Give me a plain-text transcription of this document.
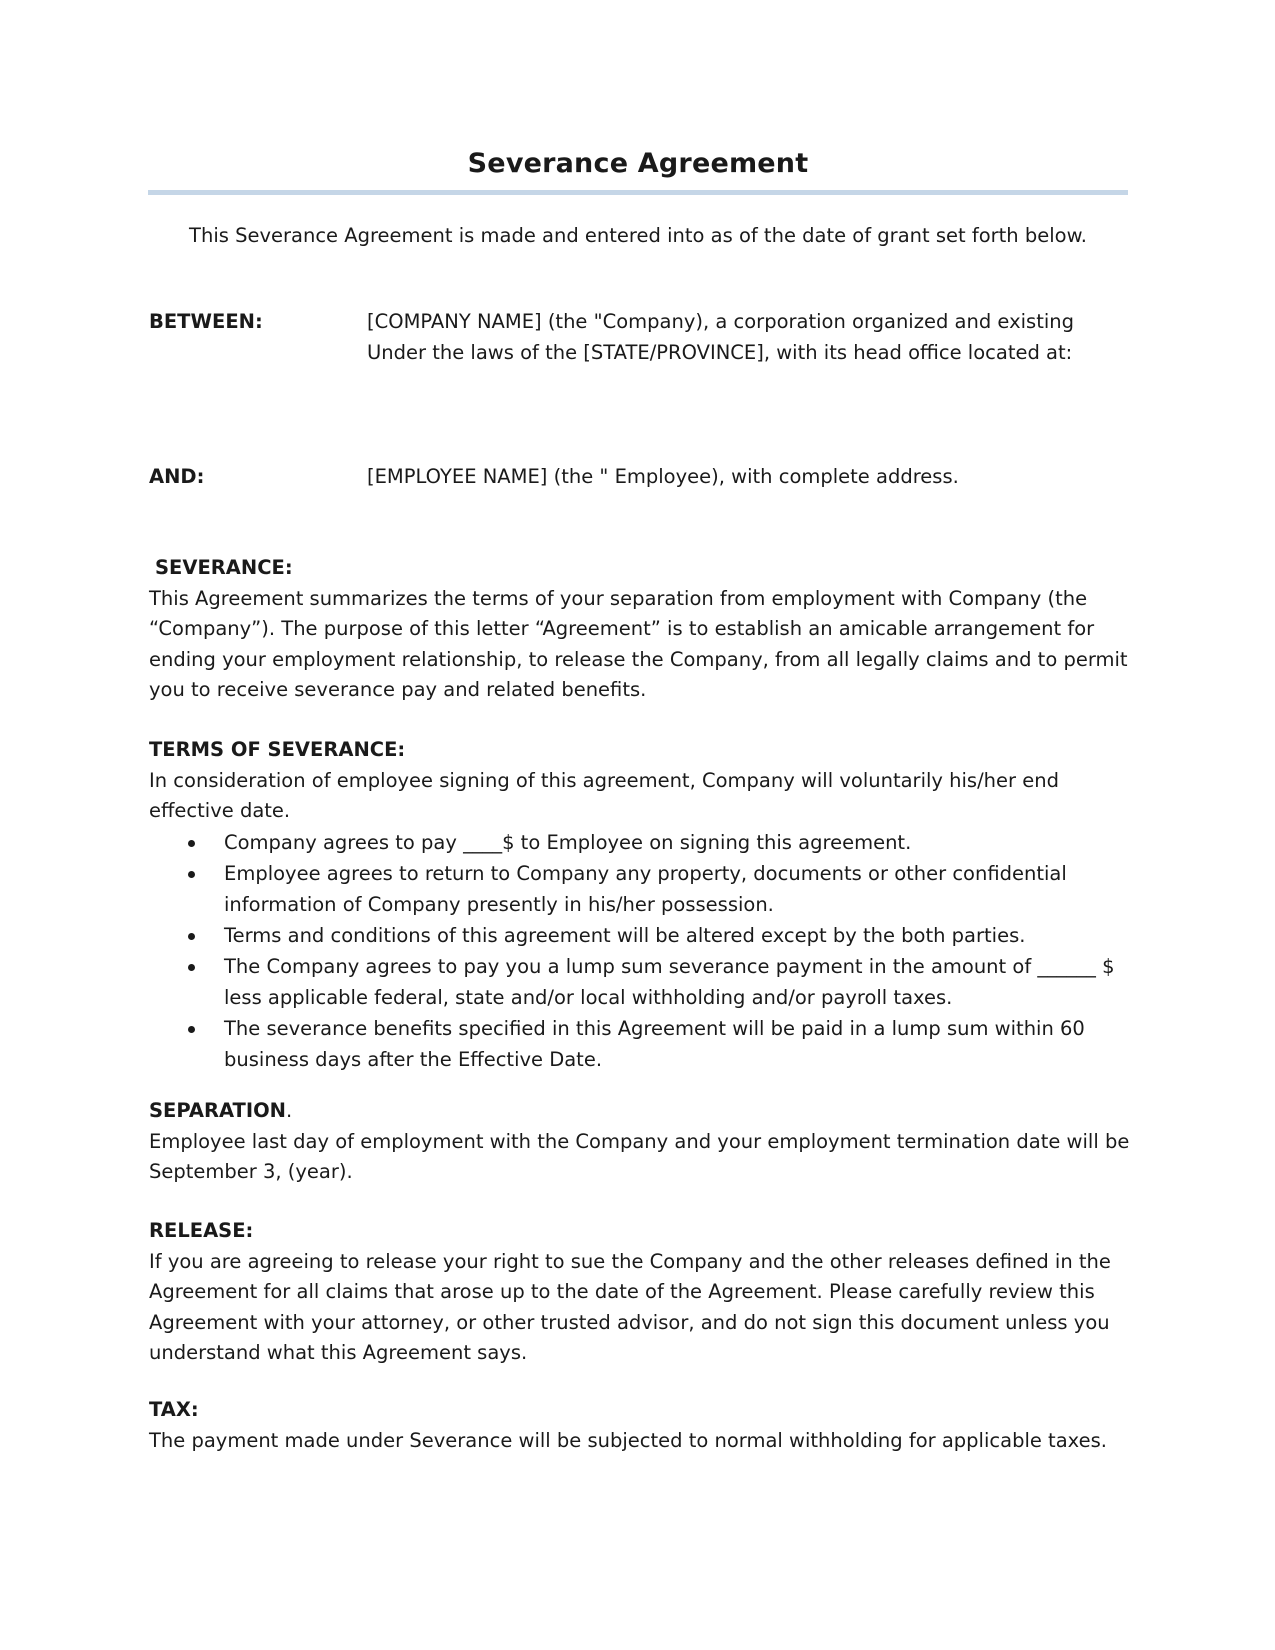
Severance Agreement
This Severance Agreement is made and entered into as of the date of grant set forth below.
BETWEEN:	[COMPANY NAME] (the "Company), a corporation organized and existing
Under the laws of the [STATE/PROVINCE], with its head office located at:
AND:	[EMPLOYEE NAME] (the " Employee), with complete address.
SEVERANCE:
This Agreement summarizes the terms of your separation from employment with Company (the “Company”). The purpose of this letter “Agreement” is to establish an amicable arrangement for ending your employment relationship, to release the Company, from all legally claims and to permit you to receive severance pay and related benefits.
TERMS OF SEVERANCE:
In consideration of employee signing of this agreement, Company will voluntarily his/her end effective date.
Company agrees to pay ____$ to Employee on signing this agreement.
Employee agrees to return to Company any property, documents or other confidential information of Company presently in his/her possession.
Terms and conditions of this agreement will be altered except by the both parties.
The Company agrees to pay you a lump sum severance payment in the amount of ______ $ less applicable federal, state and/or local withholding and/or payroll taxes.
The severance benefits specified in this Agreement will be paid in a lump sum within 60 business days after the Effective Date.
SEPARATION.
Employee last day of employment with the Company and your employment termination date will be September 3, (year).
RELEASE:
If you are agreeing to release your right to sue the Company and the other releases defined in the Agreement for all claims that arose up to the date of the Agreement. Please carefully review this Agreement with your attorney, or other trusted advisor, and do not sign this document unless you understand what this Agreement says.
TAX:
The payment made under Severance will be subjected to normal withholding for applicable taxes.
